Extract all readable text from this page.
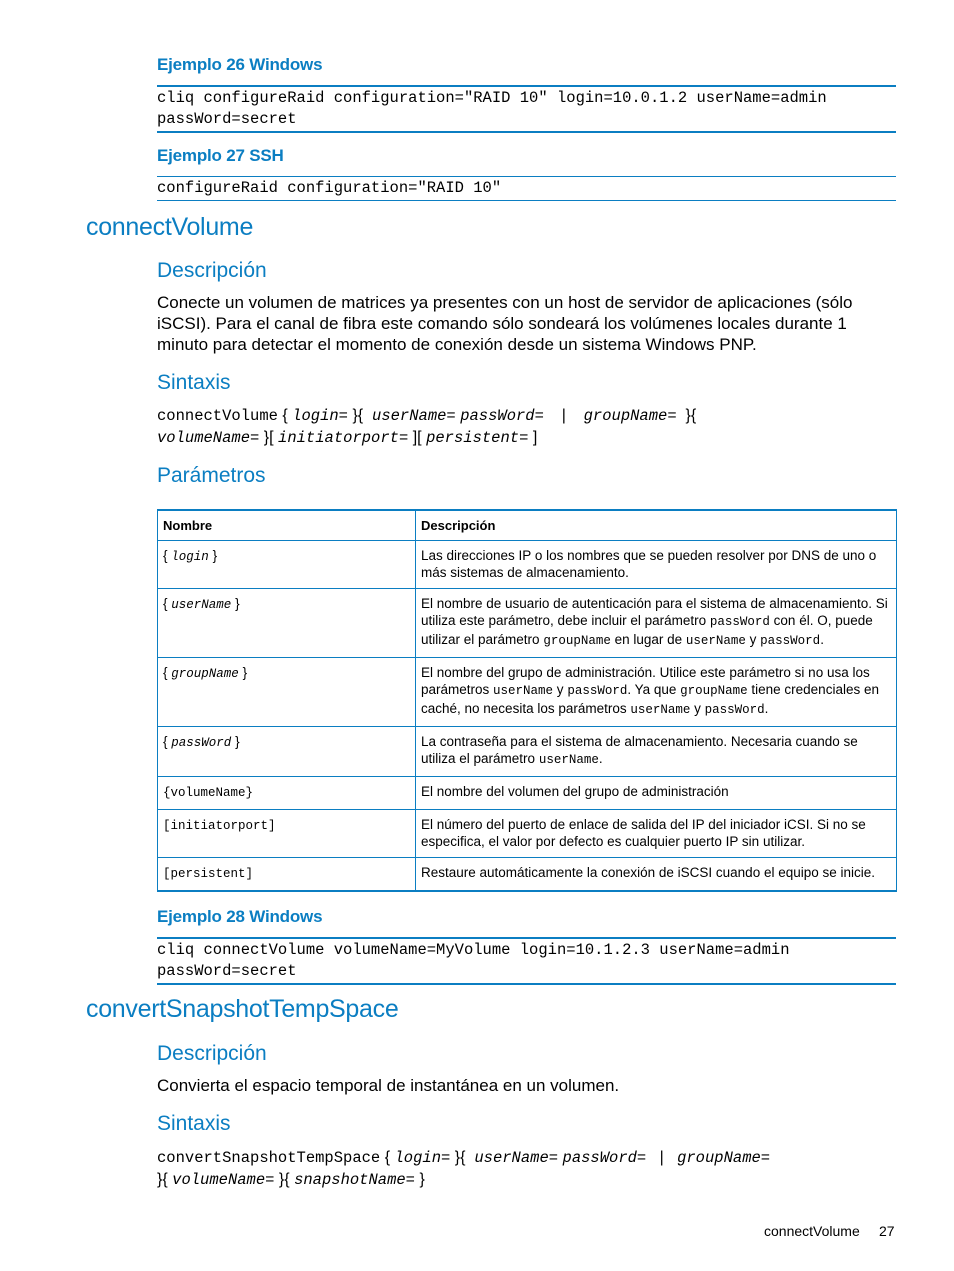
Ejemplo 26 Windows
cliq configureRaid configuration="RAID 10" login=10.0.1.2 userName=admin
passWord=secret
Ejemplo 27 SSH
configureRaid configuration="RAID 10"
connectVolume
Descripción
Conecte un volumen de matrices ya presentes con un host de servidor de aplicaciones (sólo iSCSI). Para el canal de fibra este comando sólo sondeará los volúmenes locales durante 1 minuto para detectar el momento de conexión desde un sistema Windows PNP.
Sintaxis
connectVolume { login= }{ userName= passWord= | groupName= }{
volumeName= }[ initiatorport= ][ persistent= ]
Parámetros
Nombre	Descripción
{ login }	Las direcciones IP o los nombres que se pueden resolver por DNS de uno o más sistemas de almacenamiento.
{ userName }	El nombre de usuario de autenticación para el sistema de almacenamiento. Si utiliza este parámetro, debe incluir el parámetro passWord con él. O, puede utilizar el parámetro groupName en lugar de userName y passWord.
{ groupName }	El nombre del grupo de administración. Utilice este parámetro si no usa los parámetros userName y passWord. Ya que groupName tiene credenciales en caché, no necesita los parámetros userName y passWord.
{ passWord }	La contraseña para el sistema de almacenamiento. Necesaria cuando se utiliza el parámetro userName.
{volumeName}	El nombre del volumen del grupo de administración
[initiatorport]	El número del puerto de enlace de salida del IP del iniciador iCSI. Si no se especifica, el valor por defecto es cualquier puerto IP sin utilizar.
[persistent]	Restaure automáticamente la conexión de iSCSI cuando el equipo se inicie.
Ejemplo 28 Windows
cliq connectVolume volumeName=MyVolume login=10.1.2.3 userName=admin
passWord=secret
convertSnapshotTempSpace
Descripción
Convierta el espacio temporal de instantánea en un volumen.
Sintaxis
convertSnapshotTempSpace { login= }{ userName= passWord= | groupName=
}{ volumeName= }{ snapshotName= }
connectVolume 27
